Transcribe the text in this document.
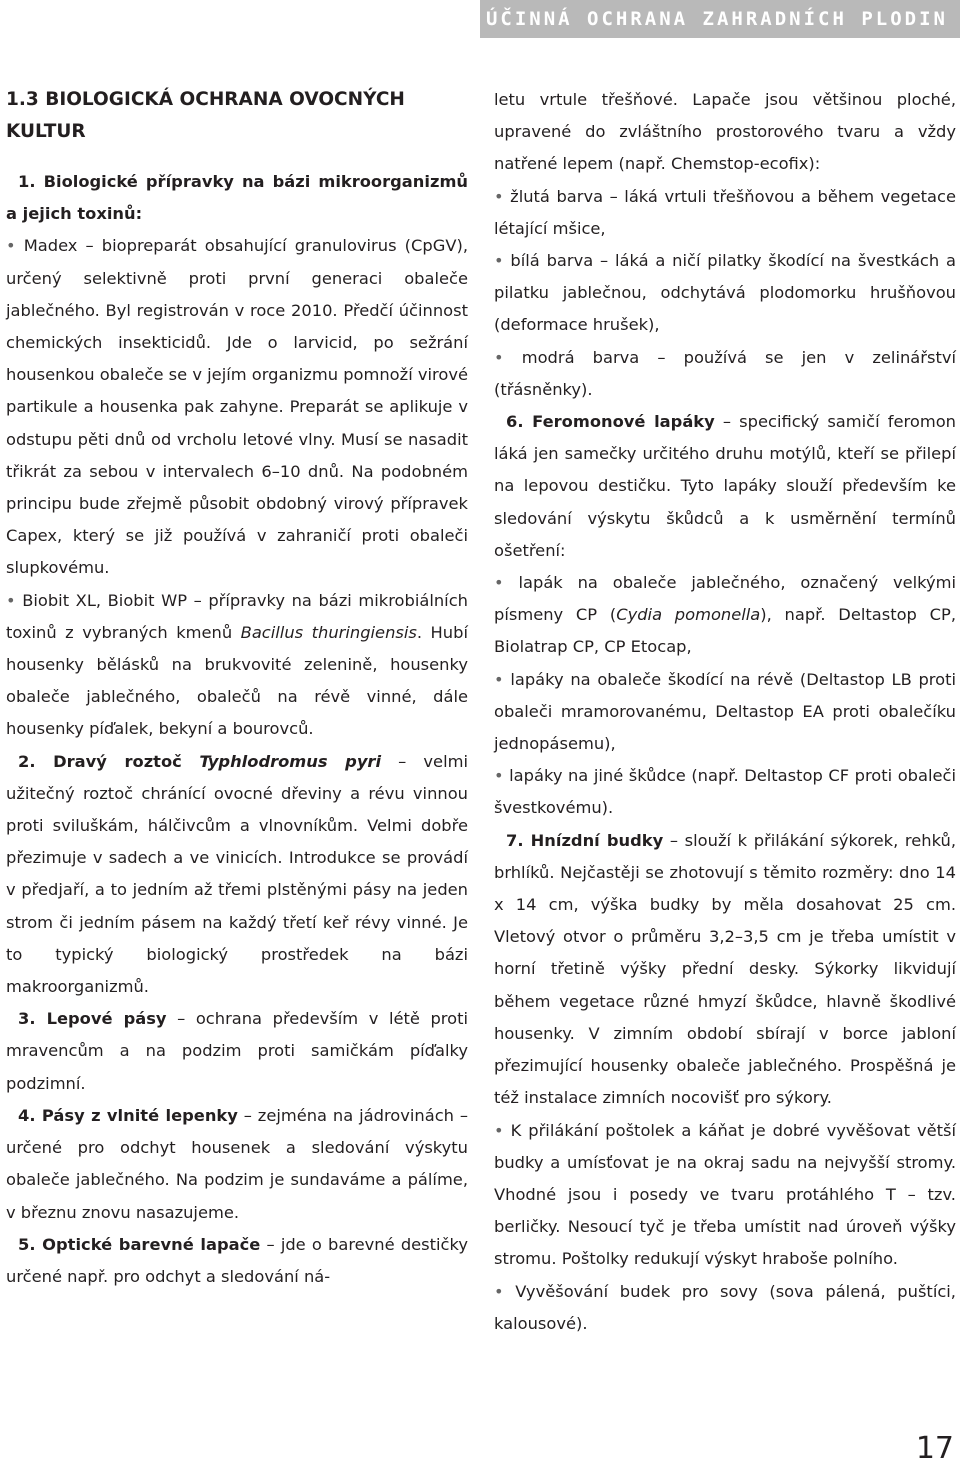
ÚČINNÁ OCHRANA ZAHRADNÍCH PLODIN

1.3 BIOLOGICKÁ OCHRANA OVOCNÝCH KULTUR

1. Biologické přípravky na bázi mikroorganizmů a jejich toxinů:

• Madex – biopreparát obsahující granulovirus (CpGV), určený selektivně proti první generaci obaleče jablečného. Byl registrován v roce 2010. Předčí účinnost chemických insekticidů. Jde o larvicid, po sežrání housenkou obaleče se v jejím organizmu pomnoží virové partikule a housenka pak zahyne. Preparát se aplikuje v odstupu pěti dnů od vrcholu letové vlny. Musí se nasadit třikrát za sebou v intervalech 6–10 dnů. Na podobném principu bude zřejmě působit obdobný virový přípravek Capex, který se již používá v zahraničí proti obaleči slupkovému.

• Biobit XL, Biobit WP – přípravky na bázi mikrobiálních toxinů z vybraných kmenů Bacillus thuringiensis. Hubí housenky bělásků na brukvovité zelenině, housenky obaleče jablečného, obalečů na révě vinné, dále housenky píďalek, bekyní a bourovců.

2. Dravý roztoč Typhlodromus pyri – velmi užitečný roztoč chránící ovocné dřeviny a révu vinnou proti sviluškám, hálčivcům a vlnovníkům. Velmi dobře přezimuje v sadech a ve vinicích. Introdukce se provádí v předjaří, a to jedním až třemi plstěnými pásy na jeden strom či jedním pásem na každý třetí keř révy vinné. Je to typický biologický prostředek na bázi makroorganizmů.

3. Lepové pásy – ochrana především v létě proti mravencům a na podzim proti samičkám píďalky podzimní.

4. Pásy z vlnité lepenky – zejména na jádrovinách – určené pro odchyt housenek a sledování výskytu obaleče jablečného. Na podzim je sundaváme a pálíme, v březnu znovu nasazujeme.

5. Optické barevné lapače – jde o barevné destičky určené např. pro odchyt a sledování ná-

letu vrtule třešňové. Lapače jsou většinou ploché, upravené do zvláštního prostorového tvaru a vždy natřené lepem (např. Chemstop-ecofix):

• žlutá barva – láká vrtuli třešňovou a během vegetace létající mšice,

• bílá barva – láká a ničí pilatky škodící na švestkách a pilatku jablečnou, odchytává plodomorku hrušňovou (deformace hrušek),

• modrá barva – používá se jen v zelinářství (třásněnky).

6. Feromonové lapáky – specifický samičí feromon láká jen samečky určitého druhu motýlů, kteří se přilepí na lepovou destičku. Tyto lapáky slouží především ke sledování výskytu škůdců a k usměrnění termínů ošetření:

• lapák na obaleče jablečného, označený velkými písmeny CP (Cydia pomonella), např. Deltastop CP, Biolatrap CP, CP Etocap,

• lapáky na obaleče škodící na révě (Deltastop LB proti obaleči mramorovanému, Deltastop EA proti obalečíku jednopásemu),

• lapáky na jiné škůdce (např. Deltastop CF proti obaleči švestkovému).

7. Hnízdní budky – slouží k přilákání sýkorek, rehků, brhlíků. Nejčastěji se zhotovují s těmito rozměry: dno 14 x 14 cm, výška budky by měla dosahovat 25 cm. Vletový otvor o průměru 3,2–3,5 cm je třeba umístit v horní třetině výšky přední desky. Sýkorky likvidují během vegetace různé hmyzí škůdce, hlavně škodlivé housenky. V zimním období sbírají v borce jabloní přezimující housenky obaleče jablečného. Prospěšná je též instalace zimních nocovišť pro sýkory.

• K přilákání poštolek a káňat je dobré vyvěšovat větší budky a umísťovat je na okraj sadu na nejvyšší stromy. Vhodné jsou i posedy ve tvaru protáhlého T – tzv. berličky. Nesoucí tyč je třeba umístit nad úroveň výšky stromu. Poštolky redukují výskyt hraboše polního.

• Vyvěšování budek pro sovy (sova pálená, puštíci, kalousové).

17
